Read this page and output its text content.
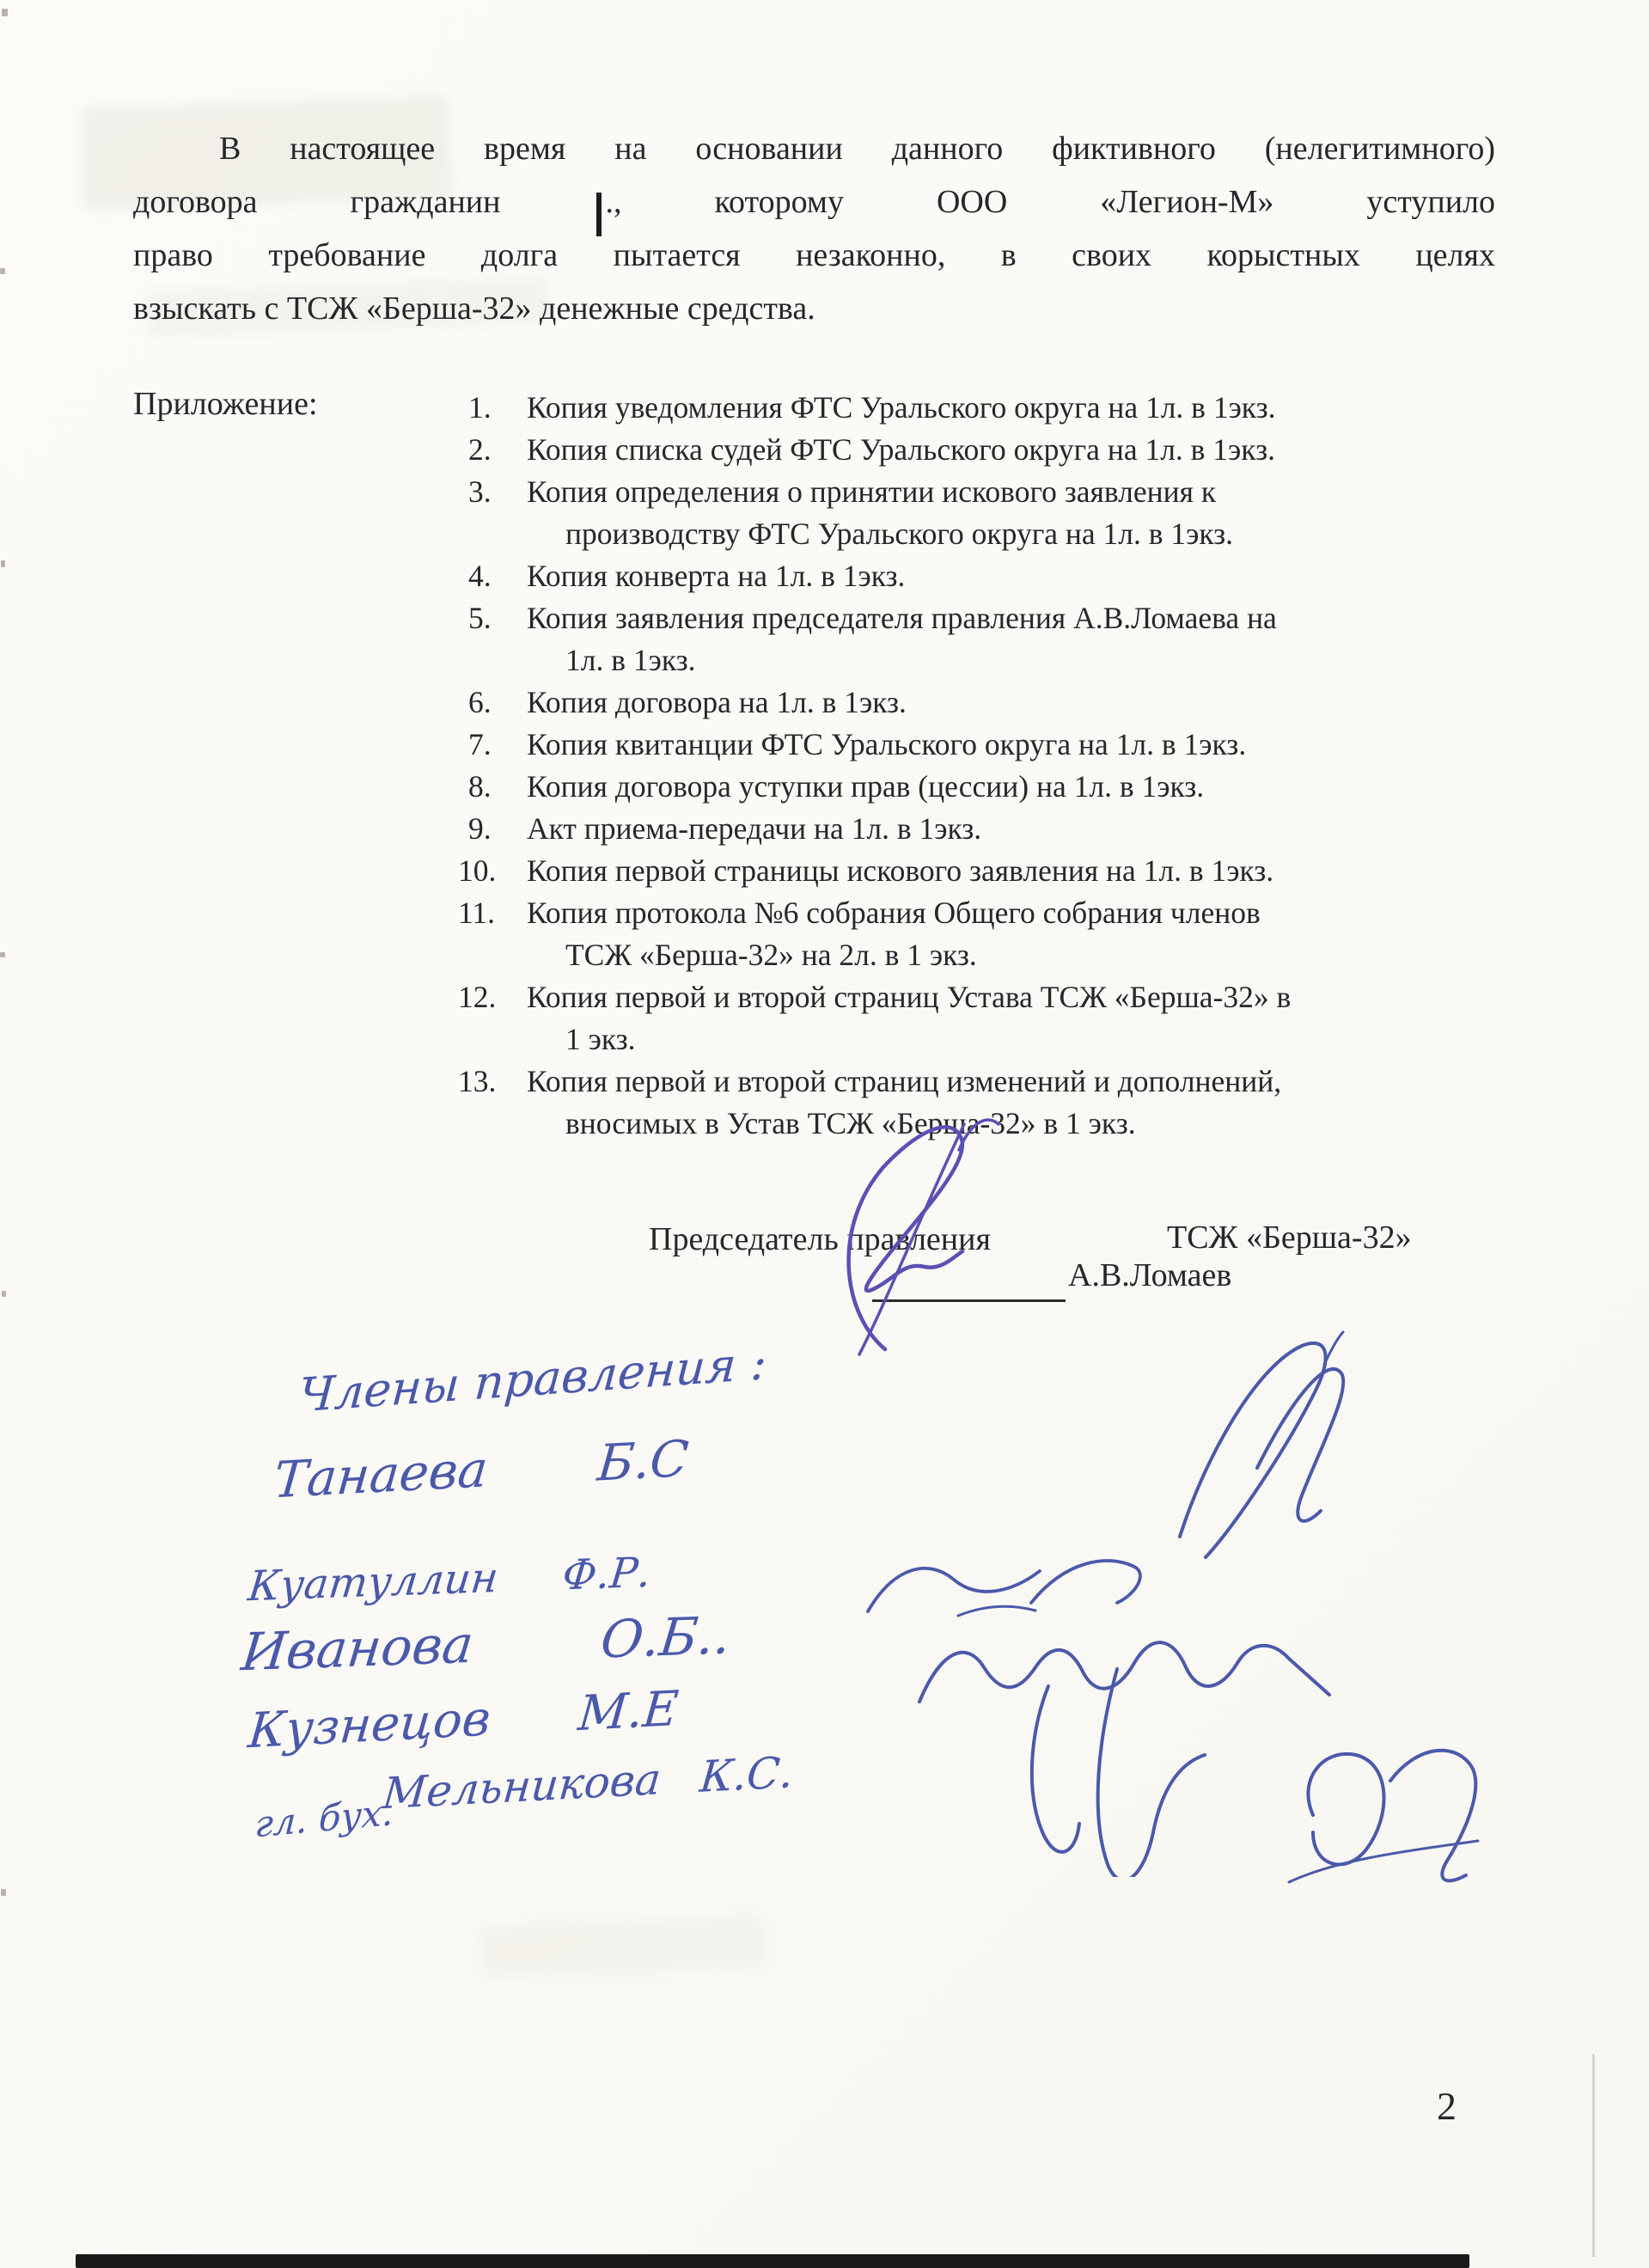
В настоящее время на основании данного фиктивного (нелегитимного)
договора гражданин	., которому ООО «Легион-М» уступило
право требование долга пытается незаконно, в своих корыстных целях
взыскать с ТСЖ «Берша-32» денежные средства.
Приложение:	1. Копия уведомления ФТС Уральского округа на 1л. в 1экз.
2. Копия списка судей ФТС Уральского округа на 1л. в 1экз.
3. Копия определения о принятии искового заявления к
производству ФТС Уральского округа на 1л. в 1экз.
4. Копия конверта на 1л. в 1экз.
5. Копия заявления председателя правления А.В.Ломаева на
1л. в 1экз.
6. Копия договора на 1л. в 1экз.
7. Копия квитанции ФТС Уральского округа на 1л. в 1экз.
8. Копия договора уступки прав (цессии) на 1л. в 1экз.
9. Акт приема-передачи на 1л. в 1экз.
10. Копия первой страницы искового заявления на 1л. в 1экз.
11. Копия протокола №6 собрания Общего собрания членов
ТСЖ «Берша-32» на 2л. в 1 экз.
12. Копия первой и второй страниц Устава ТСЖ «Берша-32» в
1 экз.
13. Копия первой и второй страниц изменений и дополнений,
вносимых в Устав ТСЖ «Берша-32» в 1 экз.
Председатель правления	ТСЖ «Берша-32»
А.В.Ломаев
Члены правления :
Танаева Б.С
Куатуллин Ф.Р.
Иванова О.Б..
Кузнецов М.Е
гл. бух.
Мельникова К.С.
2
